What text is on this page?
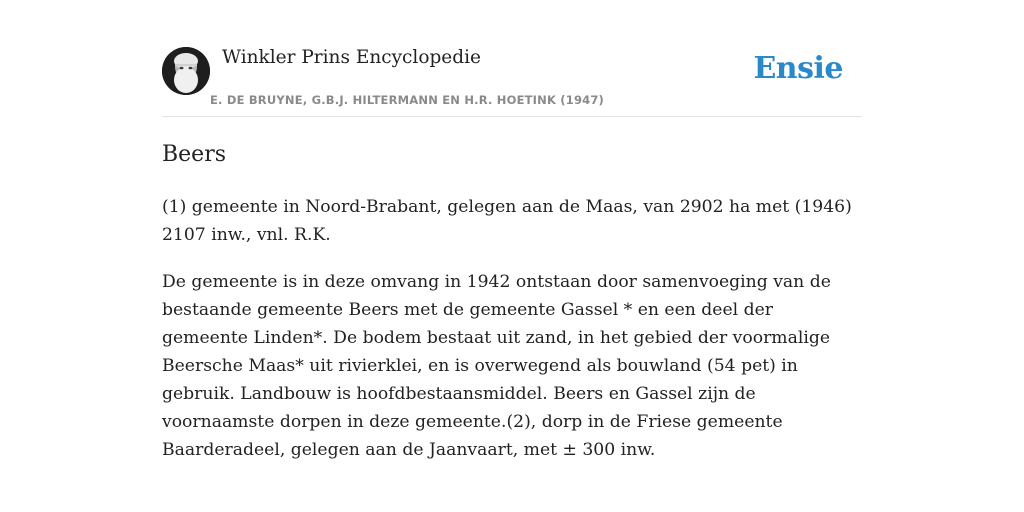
Winkler Prins Encyclopedie
E. DE BRUYNE, G.B.J. HILTERMANN EN H.R. HOETINK (1947)
Ensie
Beers

(1) gemeente in Noord-Brabant, gelegen aan de Maas, van 2902 ha met (1946) 2107 inw., vnl. R.K.

De gemeente is in deze omvang in 1942 ontstaan door samenvoeging van de bestaande gemeente Beers met de gemeente Gassel * en een deel der gemeente Linden*. De bodem bestaat uit zand, in het gebied der voormalige Beersche Maas* uit rivierklei, en is overwegend als bouwland (54 pet) in gebruik. Landbouw is hoofdbestaansmiddel. Beers en Gassel zijn de voornaamste dorpen in deze gemeente.(2), dorp in de Friese gemeente Baarderadeel, gelegen aan de Jaanvaart, met ± 300 inw.
